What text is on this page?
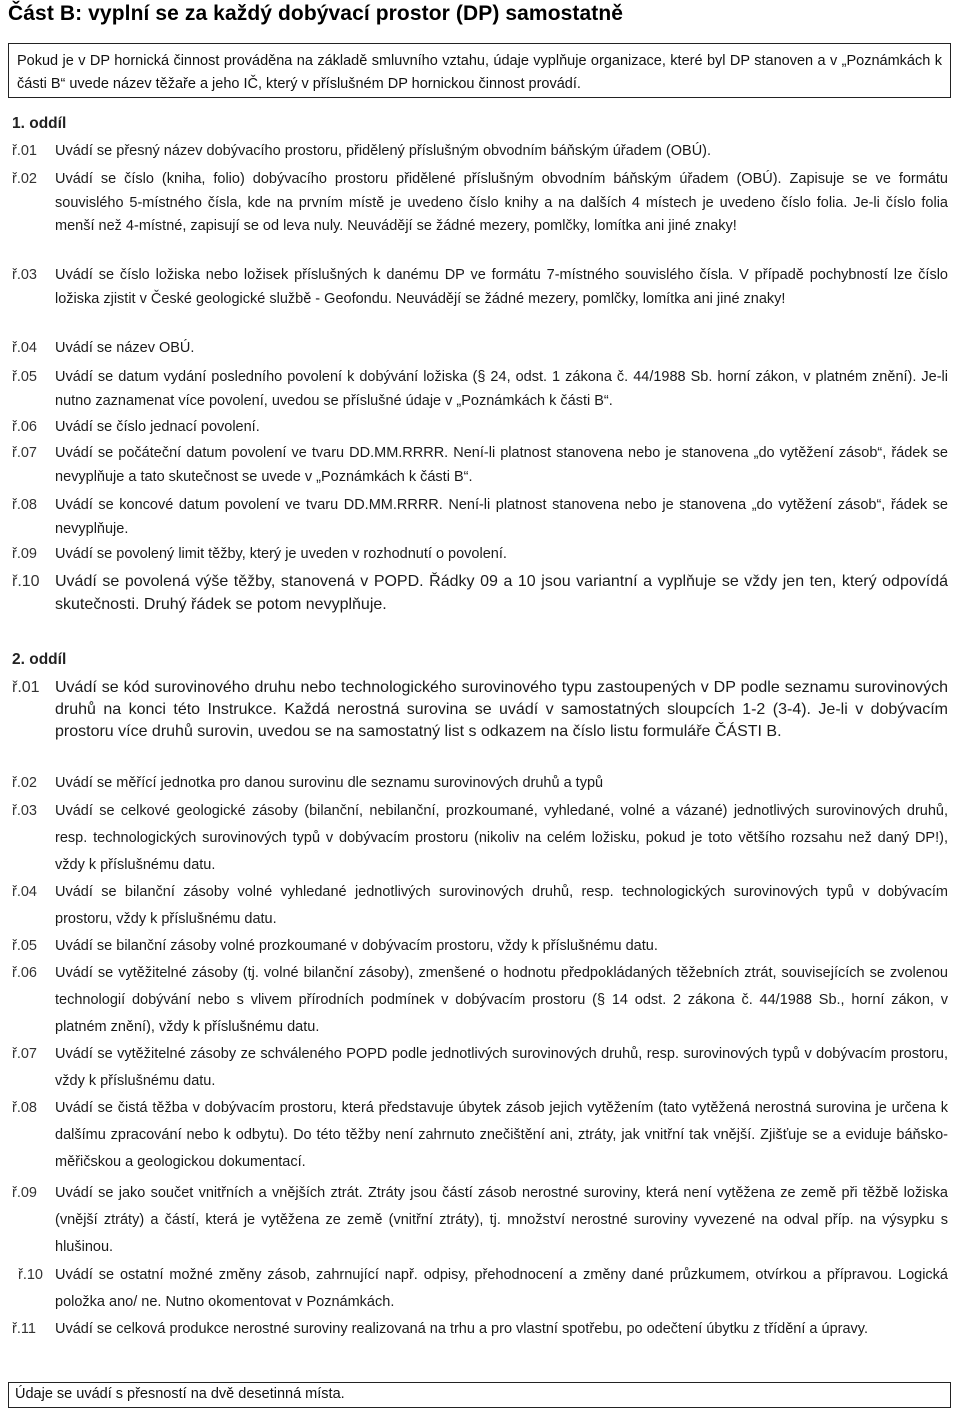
Část B: vyplní se za každý dobývací prostor (DP) samostatně
Pokud je v DP hornická činnost prováděna na základě smluvního vztahu, údaje vyplňuje organizace, které byl DP stanoven a v „Poznámkách k části B“ uvede název těžaře a jeho IČ, který v příslušném DP hornickou činnost provádí.
1. oddíl
ř.01 Uvádí se přesný název dobývacího prostoru, přidělený příslušným obvodním báňským úřadem (OBÚ).
ř.02 Uvádí se číslo (kniha, folio) dobývacího prostoru přidělené příslušným obvodním báňským úřadem (OBÚ). Zapisuje se ve formátu souvislého 5-místného čísla, kde na prvním místě je uvedeno číslo knihy a na dalších 4 místech je uvedeno číslo folia. Je-li číslo folia menší než 4-místné, zapisují se od leva nuly. Neuvádějí se žádné mezery, pomlčky, lomítka ani jiné znaky!
ř.03 Uvádí se číslo ložiska nebo ložisek příslušných k danému DP ve formátu 7-místného souvislého čísla. V případě pochybností lze číslo ložiska zjistit v České geologické službě - Geofondu. Neuvádějí se žádné mezery, pomlčky, lomítka ani jiné znaky!
ř.04 Uvádí se název OBÚ.
ř.05 Uvádí se datum vydání posledního povolení k dobývání ložiska (§ 24, odst. 1 zákona č. 44/1988 Sb. horní zákon, v platném znění). Je-li nutno zaznamenat více povolení, uvedou se příslušné údaje v „Poznámkách k části B“.
ř.06 Uvádí se číslo jednací povolení.
ř.07 Uvádí se počáteční datum povolení ve tvaru DD.MM.RRRR. Není-li platnost stanovena nebo je stanovena „do vytěžení zásob“, řádek se nevyplňuje a tato skutečnost se uvede v „Poznámkách k části B“.
ř.08 Uvádí se koncové datum povolení ve tvaru DD.MM.RRRR. Není-li platnost stanovena nebo je stanovena „do vytěžení zásob“, řádek se nevyplňuje.
ř.09 Uvádí se povolený limit těžby, který je uveden v rozhodnutí o povolení.
ř.10 Uvádí se povolená výše těžby, stanovená v POPD. Řádky 09 a 10 jsou variantní a vyplňuje se vždy jen ten, který odpovídá skutečnosti. Druhý řádek se potom nevyplňuje.
2. oddíl
ř.01 Uvádí se kód surovinového druhu nebo technologického surovinového typu zastoupených v DP podle seznamu surovinových druhů na konci této Instrukce. Každá nerostná surovina se uvádí v samostatných sloupcích 1-2 (3-4). Je-li v dobývacím prostoru více druhů surovin, uvedou se na samostatný list s odkazem na číslo listu formuláře ČÁSTI B.
ř.02 Uvádí se měřící jednotka pro danou surovinu dle seznamu surovinových druhů a typů
ř.03 Uvádí se celkové geologické zásoby (bilanční, nebilanční, prozkoumané, vyhledané, volné a vázané) jednotlivých surovinových druhů, resp. technologických surovinových typů v dobývacím prostoru (nikoliv na celém ložisku, pokud je toto většího rozsahu než daný DP!), vždy k příslušnému datu.
ř.04 Uvádí se bilanční zásoby volné vyhledané jednotlivých surovinových druhů, resp. technologických surovinových typů v dobývacím prostoru, vždy k příslušnému datu.
ř.05 Uvádí se bilanční zásoby volné prozkoumané v dobývacím prostoru, vždy k příslušnému datu.
ř.06 Uvádí se vytěžitelné zásoby (tj. volné bilanční zásoby), zmenšené o hodnotu předpokládaných těžebních ztrát, souvisejících se zvolenou technologií dobývání nebo s vlivem přírodních podmínek v dobývacím prostoru (§ 14 odst. 2 zákona č. 44/1988 Sb., horní zákon, v platném znění), vždy k příslušnému datu.
ř.07 Uvádí se vytěžitelné zásoby ze schváleného POPD podle jednotlivých surovinových druhů, resp. surovinových typů v dobývacím prostoru, vždy k příslušnému datu.
ř.08 Uvádí se čistá těžba v dobývacím prostoru, která představuje úbytek zásob jejich vytěžením (tato vytěžená nerostná surovina je určena k dalšímu zpracování nebo k odbytu). Do této těžby není zahrnuto znečištění ani, ztráty, jak vnitřní tak vnější. Zjišťuje se a eviduje báňsko-měřičskou a geologickou dokumentací.
ř.09 Uvádí se jako součet vnitřních a vnějších ztrát. Ztráty jsou částí zásob nerostné suroviny, která není vytěžena ze země při těžbě ložiska (vnější ztráty) a částí, která je vytěžena ze země (vnitřní ztráty), tj. množství nerostné suroviny vyvezené na odval příp. na výsypku s hlušinou.
ř.10 Uvádí se ostatní možné změny zásob, zahrnující např. odpisy, přehodnocení a změny dané průzkumem, otvírkou a přípravou. Logická položka ano/ ne. Nutno okomentovat v Poznámkách.
ř.11 Uvádí se celková produkce nerostné suroviny realizovaná na trhu a pro vlastní spotřebu, po odečtení úbytku z třídění a úpravy.
Údaje se uvádí s přesností na dvě desetinná místa.
